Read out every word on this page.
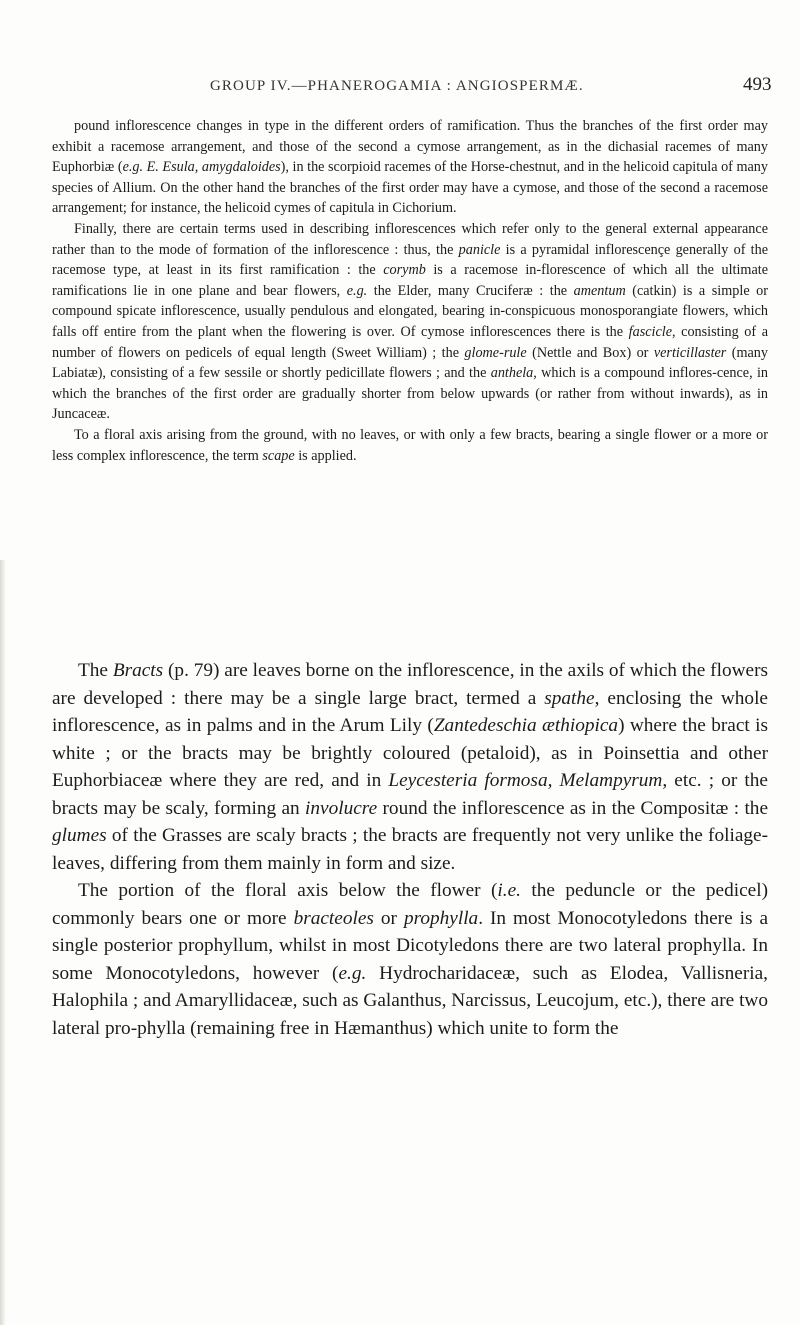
GROUP IV.—PHANEROGAMIA : ANGIOSPERMÆ.	493

pound inflorescence changes in type in the different orders of ramification. Thus the branches of the first order may exhibit a racemose arrangement, and those of the second a cymose arrangement, as in the dichasial racemes of many Euphorbiæ (e.g. E. Esula, amygdaloides), in the scorpioid racemes of the Horse-chestnut, and in the helicoid capitula of many species of Allium. On the other hand the branches of the first order may have a cymose, and those of the second a racemose arrangement; for instance, the helicoid cymes of capitula in Cichorium.

Finally, there are certain terms used in describing inflorescences which refer only to the general external appearance rather than to the mode of formation of the inflorescence : thus, the panicle is a pyramidal inflorescençe generally of the racemose type, at least in its first ramification : the corymb is a racemose in-florescence of which all the ultimate ramifications lie in one plane and bear flowers, e.g. the Elder, many Cruciferæ : the amentum (catkin) is a simple or compound spicate inflorescence, usually pendulous and elongated, bearing in-conspicuous monosporangiate flowers, which falls off entire from the plant when the flowering is over. Of cymose inflorescences there is the fascicle, consisting of a number of flowers on pedicels of equal length (Sweet William) ; the glome-rule (Nettle and Box) or verticillaster (many Labiatæ), consisting of a few sessile or shortly pedicillate flowers ; and the anthela, which is a compound inflores-cence, in which the branches of the first order are gradually shorter from below upwards (or rather from without inwards), as in Juncaceæ.

To a floral axis arising from the ground, with no leaves, or with only a few bracts, bearing a single flower or a more or less complex inflorescence, the term scape is applied.

The Bracts (p. 79) are leaves borne on the inflorescence, in the axils of which the flowers are developed : there may be a single large bract, termed a spathe, enclosing the whole inflorescence, as in palms and in the Arum Lily (Zantedeschia æthiopica) where the bract is white ; or the bracts may be brightly coloured (petaloid), as in Poinsettia and other Euphorbiaceæ where they are red, and in Leycesteria formosa, Melampyrum, etc. ; or the bracts may be scaly, forming an involucre round the inflorescence as in the Compositæ : the glumes of the Grasses are scaly bracts ; the bracts are frequently not very unlike the foliage-leaves, differing from them mainly in form and size.

The portion of the floral axis below the flower (i.e. the peduncle or the pedicel) commonly bears one or more bracteoles or prophylla. In most Monocotyledons there is a single posterior prophyllum, whilst in most Dicotyledons there are two lateral prophylla. In some Monocotyledons, however (e.g. Hydrocharidaceæ, such as Elodea, Vallisneria, Halophila ; and Amaryllidaceæ, such as Galanthus, Narcissus, Leucojum, etc.), there are two lateral pro-phylla (remaining free in Hæmanthus) which unite to form the
